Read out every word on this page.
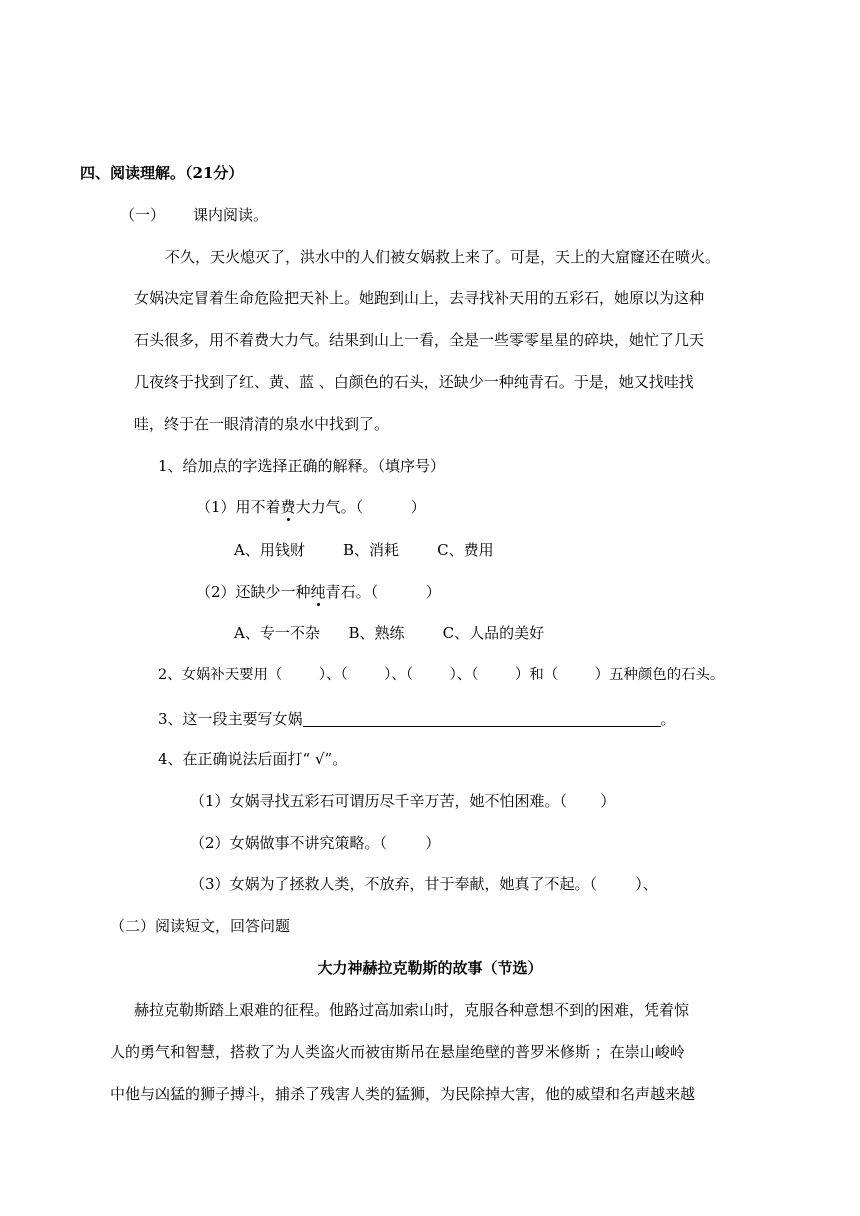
四、阅读理解。（21分）
（一） 课内阅读。
不久，天火熄灭了，洪水中的人们被女娲救上来了。可是，天上的大窟窿还在喷火。
女娲决定冒着生命危险把天补上。她跑到山上，去寻找补天用的五彩石，她原以为这种
石头很多，用不着费大力气。结果到山上一看，全是一些零零星星的碎块，她忙了几天
几夜终于找到了红、黄、蓝 、白颜色的石头，还缺少一种纯青石。于是，她又找哇找
哇，终于在一眼清清的泉水中找到了。
1、给加点的字选择正确的解释。（填序号）
（1）用不着费大力气。（          ）
A、用钱财        B、消耗        C、费用
（2）还缺少一种纯青石。（          ）
A、专一不杂      B、熟练        C、人品的美好
2、女娲补天要用（        ）、（        ）、（        ）、（        ）和（        ）五种颜色的石头。
3、这一段主要写女娲	。
4、在正确说法后面打“ √”。
（1）女娲寻找五彩石可谓历尽千辛万苦，她不怕困难。（       ）
（2）女娲做事不讲究策略。（        ）
（3）女娲为了拯救人类，不放弃，甘于奉献，她真了不起。（        ）、
（二）阅读短文，回答问题
大力神赫拉克勒斯的故事（节选）
赫拉克勒斯踏上艰难的征程。他路过高加索山时，克服各种意想不到的困难，凭着惊
人的勇气和智慧，搭救了为人类盗火而被宙斯吊在悬崖绝壁的普罗米修斯 ；在崇山峻岭
中他与凶猛的狮子搏斗，捕杀了残害人类的猛狮，为民除掉大害，他的威望和名声越来越
